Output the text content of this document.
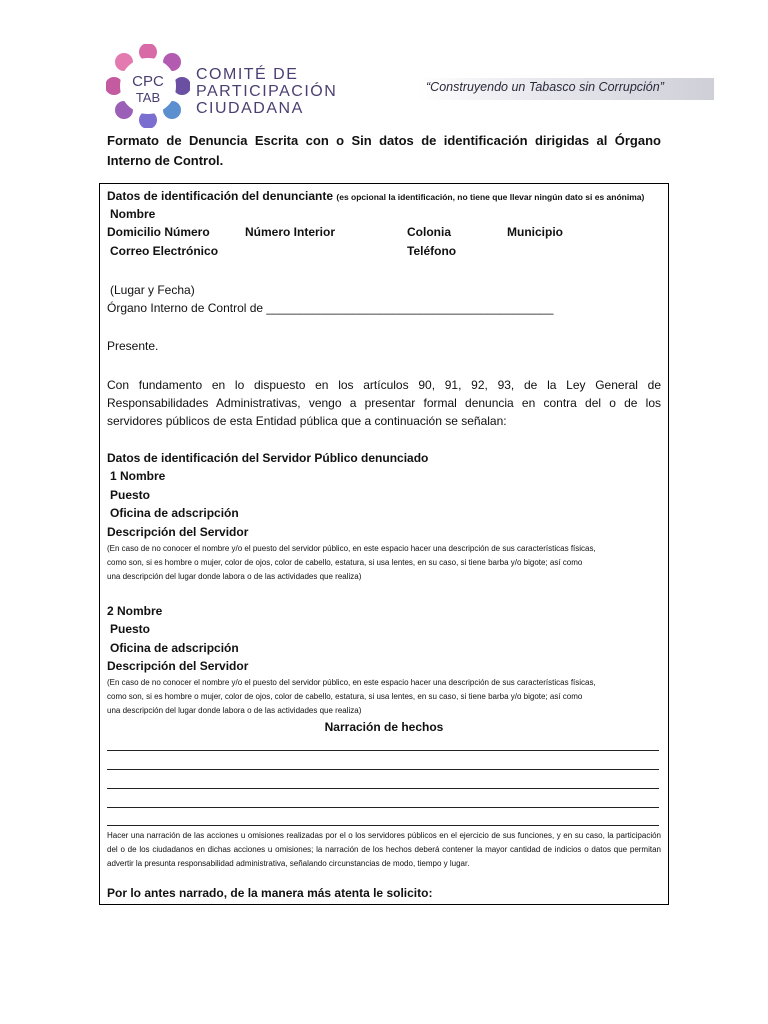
CPC
TAB
COMITÉ DE
PARTICIPACIÓN
CIUDADANA
“Construyendo un Tabasco sin Corrupción”
Formato de Denuncia Escrita con o Sin datos de identificación dirigidas al Órgano Interno de Control.
Datos de identificación del denunciante (es opcional la identificación, no tiene que llevar ningún dato si es anónima)
Nombre
Domicilio Número	Número Interior	Colonia	Municipio
Correo Electrónico	Teléfono
(Lugar y Fecha)
Órgano Interno de Control de ___________________________________________
Presente.
Con fundamento en lo dispuesto en los artículos 90, 91, 92, 93, de la Ley General de Responsabilidades Administrativas, vengo a presentar formal denuncia en contra del o de los servidores públicos de esta Entidad pública que a continuación se señalan:
Datos de identificación del Servidor Público denunciado
1 Nombre
Puesto
Oficina de adscripción
Descripción del Servidor
(En caso de no conocer el nombre y/o el puesto del servidor público, en este espacio hacer una descripción de sus características físicas,
como son, si es hombre o mujer, color de ojos, color de cabello, estatura, si usa lentes, en su caso, si tiene barba y/o bigote; así como
una descripción del lugar donde labora o de las actividades que realiza)
2 Nombre
Puesto
Oficina de adscripción
Descripción del Servidor
(En caso de no conocer el nombre y/o el puesto del servidor público, en este espacio hacer una descripción de sus características físicas,
como son, si es hombre o mujer, color de ojos, color de cabello, estatura, si usa lentes, en su caso, si tiene barba y/o bigote; así como
una descripción del lugar donde labora o de las actividades que realiza)
Narración de hechos
Hacer una narración de las acciones u omisiones realizadas por el o los servidores públicos en el ejercicio de sus funciones, y en su caso, la participación del o de los ciudadanos en dichas acciones u omisiones; la narración de los hechos deberá contener la mayor cantidad de indicios o datos que permitan advertir la presunta responsabilidad administrativa, señalando circunstancias de modo, tiempo y lugar.
Por lo antes narrado, de la manera más atenta le solicito:
